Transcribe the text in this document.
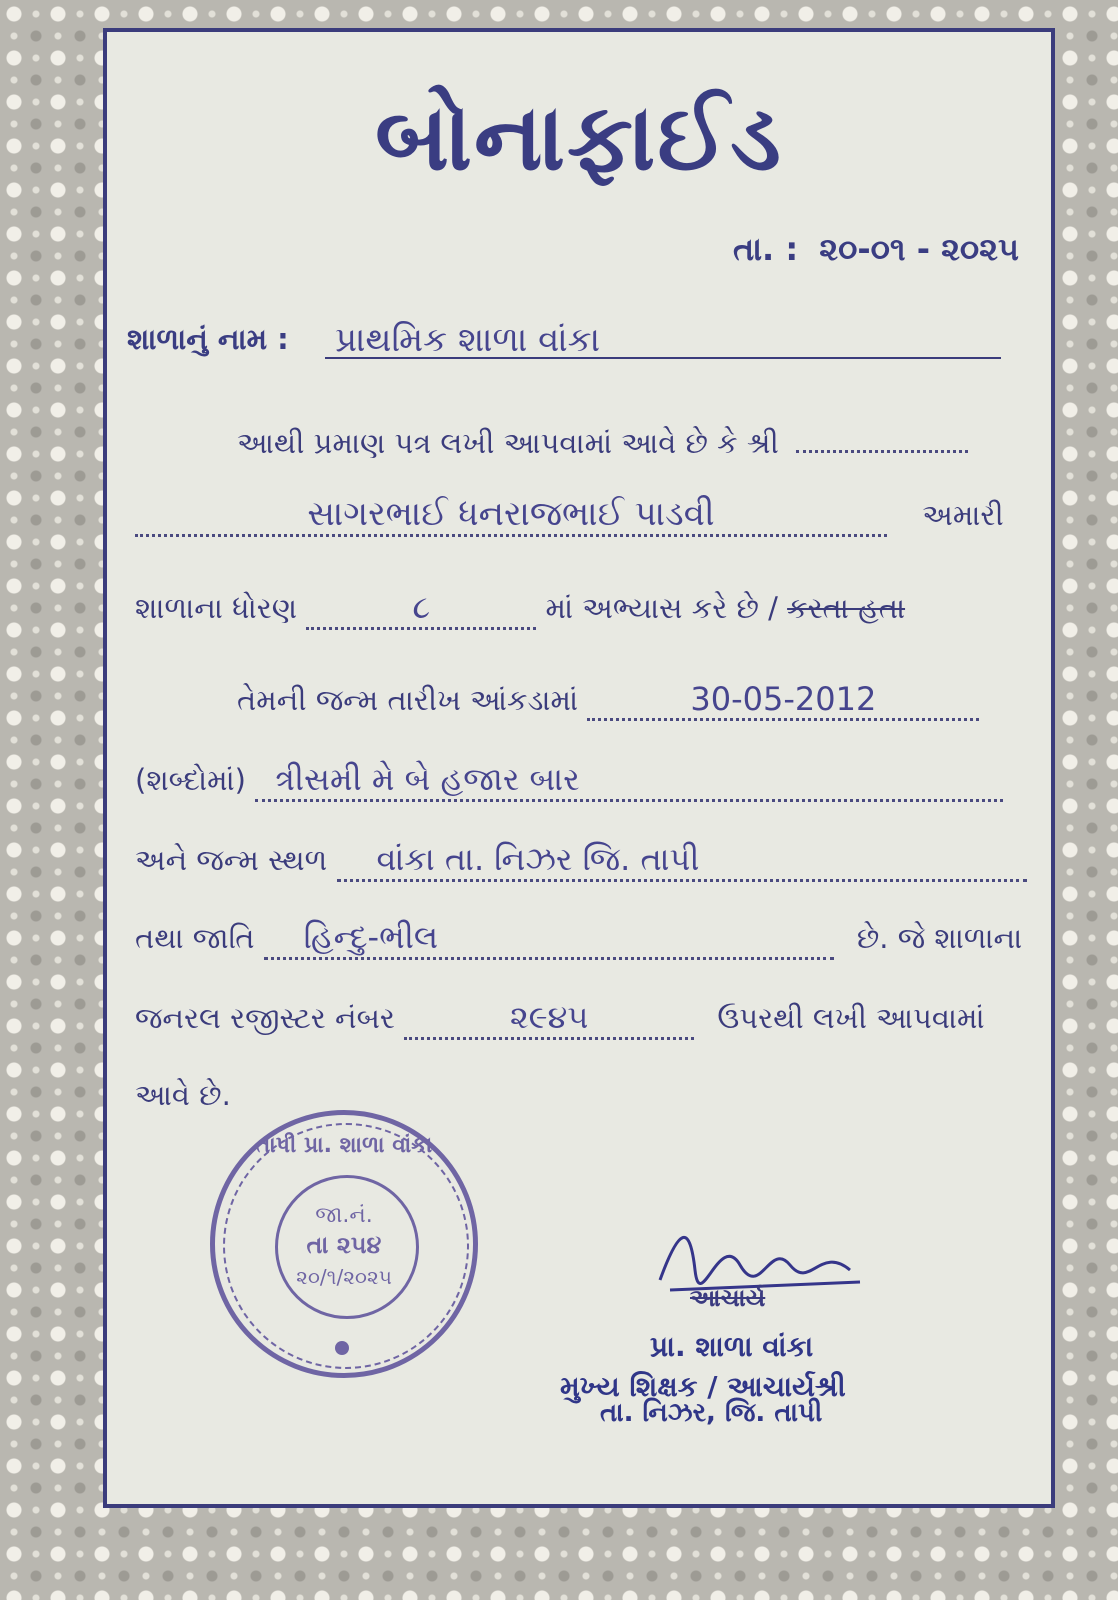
બોનાફાઈડ
તા. : ૨૦-૦૧ - ૨૦૨૫
શાળાનું નામ : પ્રાથમિક શાળા વાંકા
આથી પ્રમાણ પત્ર લખી આપવામાં આવે છે કે શ્રી
સાગરભાઈ ધનરાજભાઈ પાડવી	અમારી
શાળાના ધોરણ	૮	માં અભ્યાસ કરે છે / કરતા હતા
તેમની જન્મ તારીખ આંકડામાં	30-05-2012
(શબ્દોમાં) ત્રીસમી મે બે હજાર બાર
અને જન્મ સ્થળ વાંકા તા. નિઝર જિ. તાપી
તથા જાતિ હિન્દુ-ભીલ	છે. જે શાળાના
જનરલ રજીસ્ટર નંબર	૨૯૪૫	ઉપરથી લખી આપવામાં
આવે છે.
તાપી પ્રા. શાળા વાંકા
જા.નં.
તા ૨૫૪
૨૦/૧/૨૦૨૫
આચાર્ય
પ્રા. શાળા વાંકા
મુખ્ય શિક્ષક / આચાર્યશ્રી
તા. નિઝર, જિ. તાપી
